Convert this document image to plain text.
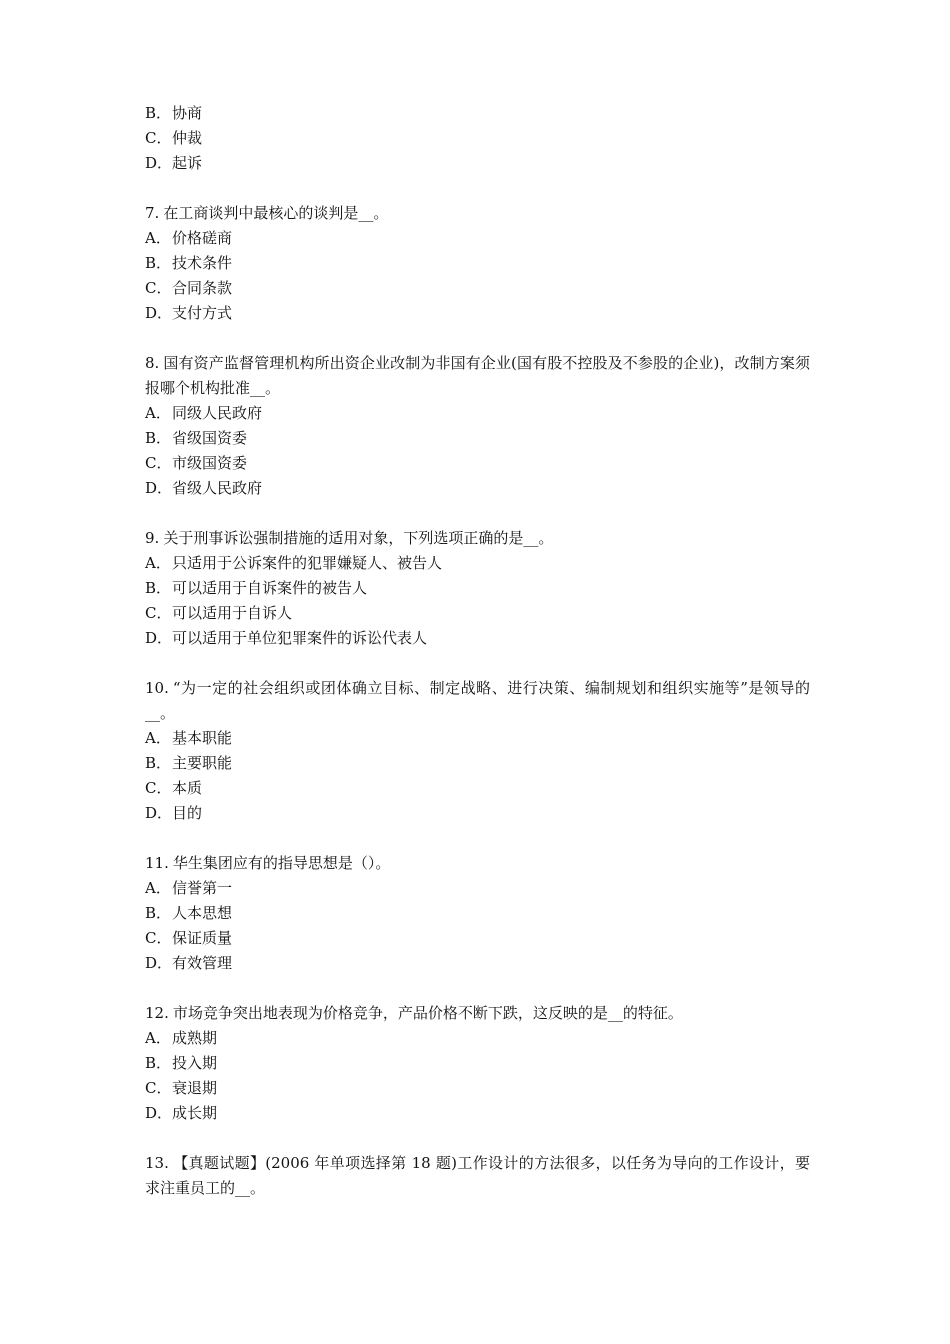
B．协商

C．仲裁

D．起诉

7. 在工商谈判中最核心的谈判是__。

A．价格磋商

B．技术条件

C．合同条款

D．支付方式

8. 国有资产监督管理机构所出资企业改制为非国有企业(国有股不控股及不参股的企业)，改制方案须报哪个机构批准__。

A．同级人民政府

B．省级国资委

C．市级国资委

D．省级人民政府

9. 关于刑事诉讼强制措施的适用对象，下列选项正确的是__。

A．只适用于公诉案件的犯罪嫌疑人、被告人

B．可以适用于自诉案件的被告人

C．可以适用于自诉人

D．可以适用于单位犯罪案件的诉讼代表人

10. “为一定的社会组织或团体确立目标、制定战略、进行决策、编制规划和组织实施等”是领导的__。

A．基本职能

B．主要职能

C．本质

D．目的

11. 华生集团应有的指导思想是（）。

A．信誉第一

B．人本思想

C．保证质量

D．有效管理

12. 市场竞争突出地表现为价格竞争，产品价格不断下跌，这反映的是__的特征。

A．成熟期

B．投入期

C．衰退期

D．成长期

13. 【真题试题】(2006 年单项选择第 18 题)工作设计的方法很多，以任务为导向的工作设计，要求注重员工的__。
